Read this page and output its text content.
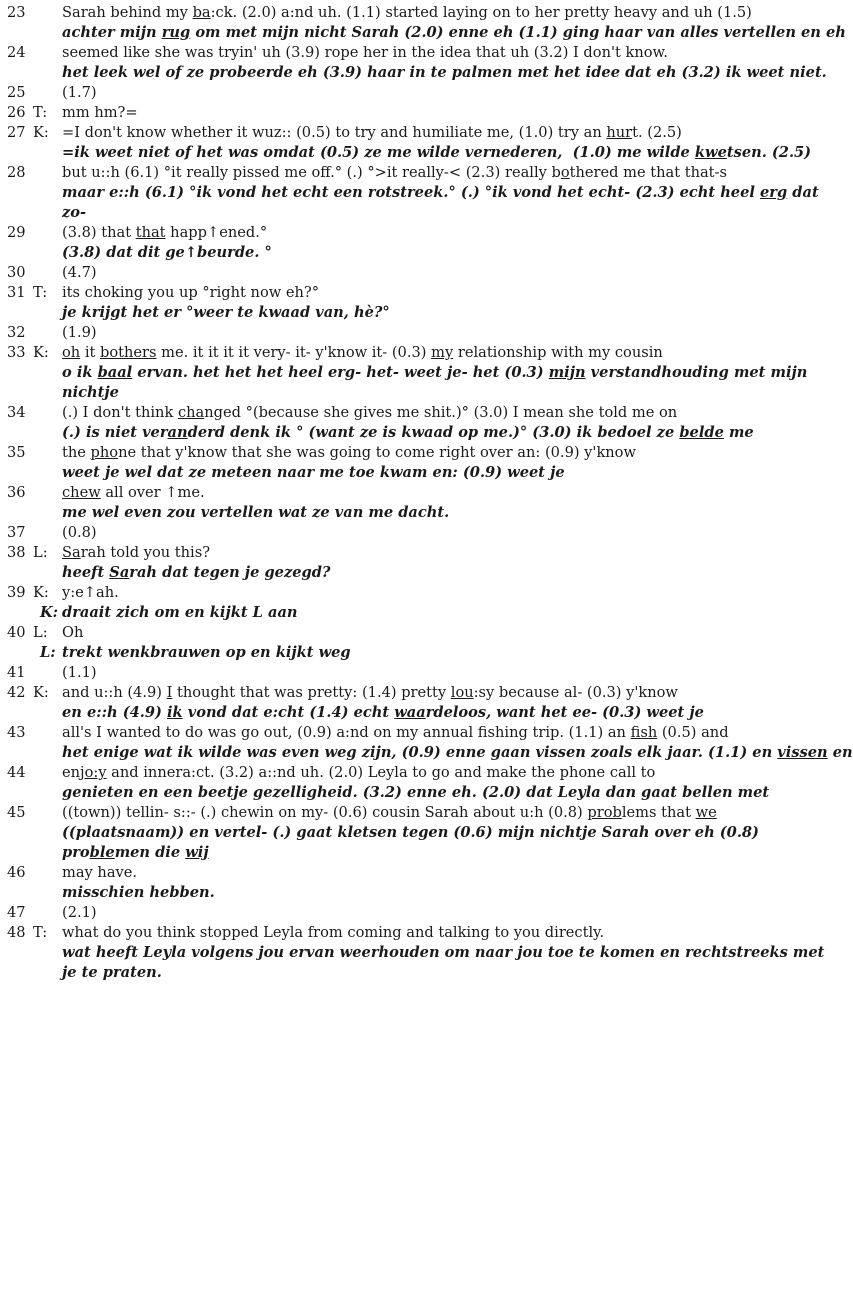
23 Sarah behind my ba:ck. (2.0) a:nd uh. (1.1) started laying on to her pretty heavy and uh (1.5)
achter mijn rug om met mijn nicht Sarah (2.0) enne eh (1.1) ging haar van alles vertellen en eh
24 seemed like she was tryin' uh (3.9) rope her in the idea that uh (3.2) I don't know.
het leek wel of ze probeerde eh (3.9) haar in te palmen met het idee dat eh (3.2) ik weet niet.
25 (1.7)
26 T: mm hm?=
27 K: =I don't know whether it wuz:: (0.5) to try and humiliate me, (1.0) try an hurt. (2.5)
=ik weet niet of het was omdat (0.5) ze me wilde vernederen,  (1.0) me wilde kwetsen. (2.5)
28 but u::h (6.1) °it really pissed me off.° (.) °>it really-< (2.3) really bothered me that that-s
maar e::h (6.1) °ik vond het echt een rotstreek.° (.) °ik vond het echt- (2.3) echt heel erg dat
zo-
29 (3.8) that that happ↑ened.°
(3.8) dat dit ge↑beurde. °
30 (4.7)
31 T: its choking you up °right now eh?°
je krijgt het er °weer te kwaad van, hè?°
32 (1.9)
33 K: oh it bothers me. it it it it very- it- y'know it- (0.3) my relationship with my cousin
o ik baal ervan. het het het heel erg- het- weet je- het (0.3) mijn verstandhouding met mijn
nichtje
34 (.) I don't think changed °(because she gives me shit.)° (3.0) I mean she told me on
(.) is niet veranderd denk ik ° (want ze is kwaad op me.)° (3.0) ik bedoel ze belde me
35 the phone that y'know that she was going to come right over an: (0.9) y'know
weet je wel dat ze meteen naar me toe kwam en: (0.9) weet je
36 chew all over ↑me.
me wel even zou vertellen wat ze van me dacht.
37 (0.8)
38 L: Sarah told you this?
heeft Sarah dat tegen je gezegd?
39 K: y:e↑ah.
K: draait zich om en kijkt L aan
40 L: Oh
L: trekt wenkbrauwen op en kijkt weg
41 (1.1)
42 K: and u::h (4.9) I thought that was pretty: (1.4) pretty lou:sy because al- (0.3) y'know
en e::h (4.9) ik vond dat e:cht (1.4) echt waardeloos, want het ee- (0.3) weet je
43 all's I wanted to do was go out, (0.9) a:nd on my annual fishing trip. (1.1) an fish (0.5) and
het enige wat ik wilde was even weg zijn, (0.9) enne gaan vissen zoals elk jaar. (1.1) en vissen en
44 enjo:y and innera:ct. (3.2) a::nd uh. (2.0) Leyla to go and make the phone call to
genieten en een beetje gezelligheid. (3.2) enne eh. (2.0) dat Leyla dan gaat bellen met
45 ((town)) tellin- s::- (.) chewin on my- (0.6) cousin Sarah about u:h (0.8) problems that we
((plaatsnaam)) en vertel- (.) gaat kletsen tegen (0.6) mijn nichtje Sarah over eh (0.8)
problemen die wij
46 may have.
misschien hebben.
47 (2.1)
48 T: what do you think stopped Leyla from coming and talking to you directly.
wat heeft Leyla volgens jou ervan weerhouden om naar jou toe te komen en rechtstreeks met
je te praten.
